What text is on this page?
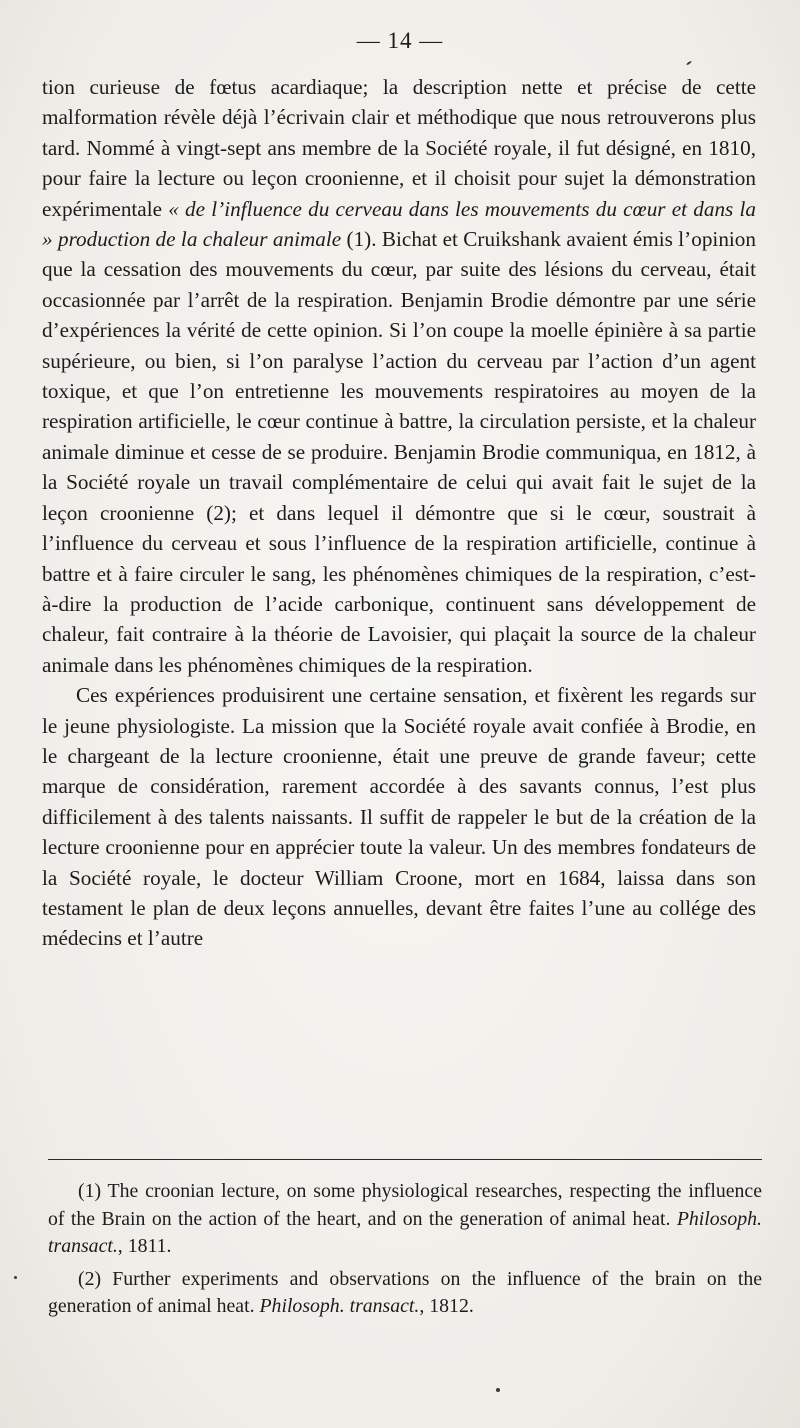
— 14 —

tion curieuse de fœtus acardiaque; la description nette et précise de cette malformation révèle déjà l’écrivain clair et méthodique que nous retrouverons plus tard. Nommé à vingt-sept ans membre de la Société royale, il fut désigné, en 1810, pour faire la lecture ou leçon croonienne, et il choisit pour sujet la démonstration expérimentale « de l’influence du cerveau dans les mouvements du cœur et dans la » production de la chaleur animale (1). Bichat et Cruikshank avaient émis l’opinion que la cessation des mouvements du cœur, par suite des lésions du cerveau, était occasionnée par l’arrêt de la respiration. Benjamin Brodie démontre par une série d’expériences la vérité de cette opinion. Si l’on coupe la moelle épinière à sa partie supérieure, ou bien, si l’on paralyse l’action du cerveau par l’action d’un agent toxique, et que l’on entretienne les mouvements respiratoires au moyen de la respiration artificielle, le cœur continue à battre, la circulation persiste, et la chaleur animale diminue et cesse de se produire. Benjamin Brodie communiqua, en 1812, à la Société royale un travail complémentaire de celui qui avait fait le sujet de la leçon croonienne (2); et dans lequel il démontre que si le cœur, soustrait à l’influence du cerveau et sous l’influence de la respiration artificielle, continue à battre et à faire circuler le sang, les phénomènes chimiques de la respiration, c’est-à-dire la production de l’acide carbonique, continuent sans développement de chaleur, fait contraire à la théorie de Lavoisier, qui plaçait la source de la chaleur animale dans les phénomènes chimiques de la respiration.

Ces expériences produisirent une certaine sensation, et fixèrent les regards sur le jeune physiologiste. La mission que la Société royale avait confiée à Brodie, en le chargeant de la lecture croonienne, était une preuve de grande faveur; cette marque de considération, rarement accordée à des savants connus, l’est plus difficilement à des talents naissants. Il suffit de rappeler le but de la création de la lecture croonienne pour en apprécier toute la valeur. Un des membres fondateurs de la Société royale, le docteur William Croone, mort en 1684, laissa dans son testament le plan de deux leçons annuelles, devant être faites l’une au collége des médecins et l’autre

(1) The croonian lecture, on some physiological researches, respecting the influence of the Brain on the action of the heart, and on the generation of animal heat. Philosoph. transact., 1811.

(2) Further experiments and observations on the influence of the brain on the generation of animal heat. Philosoph. transact., 1812.
